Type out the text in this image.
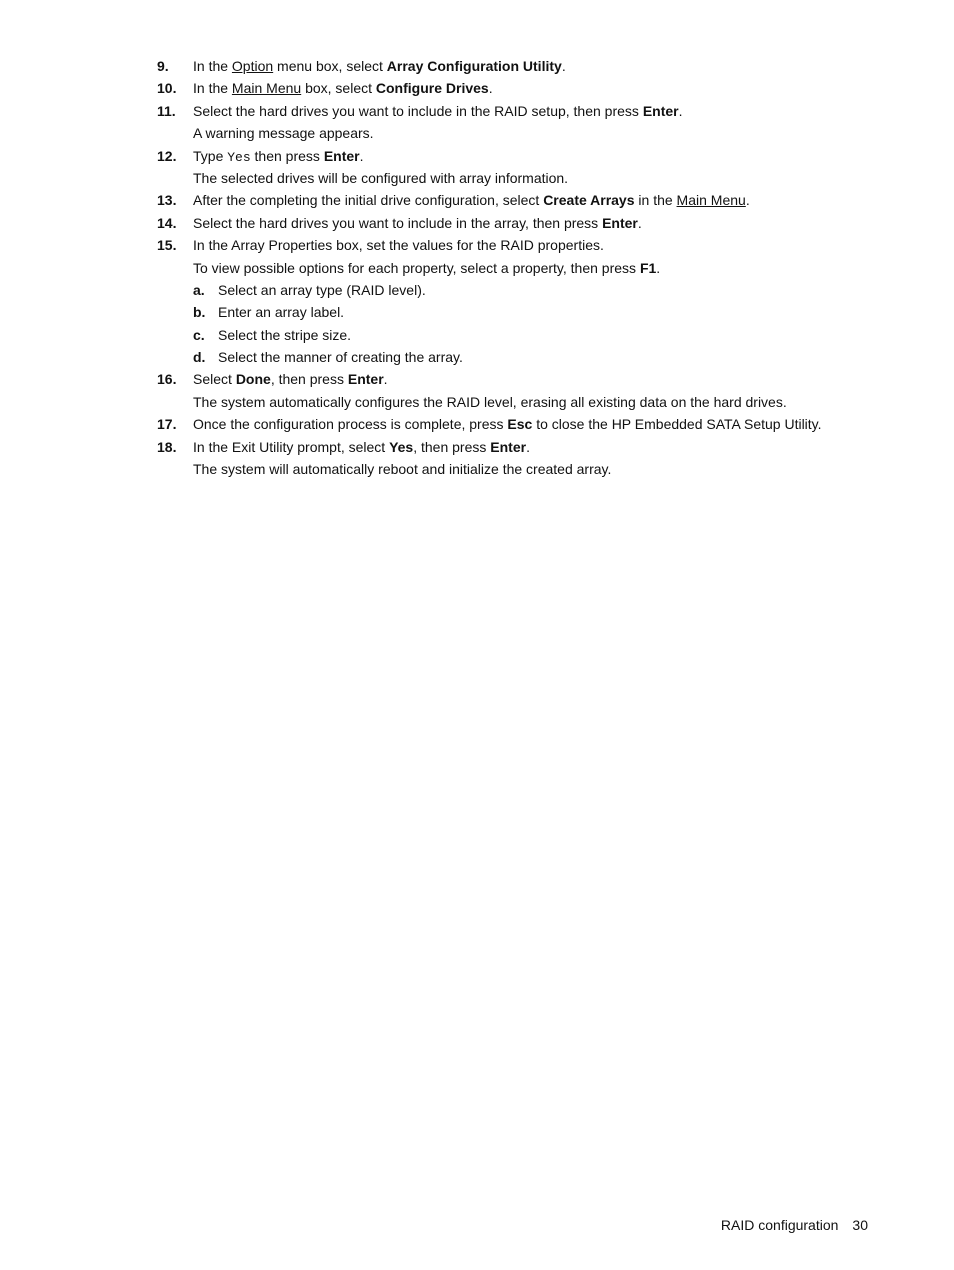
9. In the Option menu box, select Array Configuration Utility.
10. In the Main Menu box, select Configure Drives.
11. Select the hard drives you want to include in the RAID setup, then press Enter.
A warning message appears.
12. Type Yes then press Enter.
The selected drives will be configured with array information.
13. After the completing the initial drive configuration, select Create Arrays in the Main Menu.
14. Select the hard drives you want to include in the array, then press Enter.
15. In the Array Properties box, set the values for the RAID properties.
To view possible options for each property, select a property, then press F1.
a. Select an array type (RAID level).
b. Enter an array label.
c. Select the stripe size.
d. Select the manner of creating the array.
16. Select Done, then press Enter.
The system automatically configures the RAID level, erasing all existing data on the hard drives.
17. Once the configuration process is complete, press Esc to close the HP Embedded SATA Setup Utility.
18. In the Exit Utility prompt, select Yes, then press Enter.
The system will automatically reboot and initialize the created array.
RAID configuration 30
